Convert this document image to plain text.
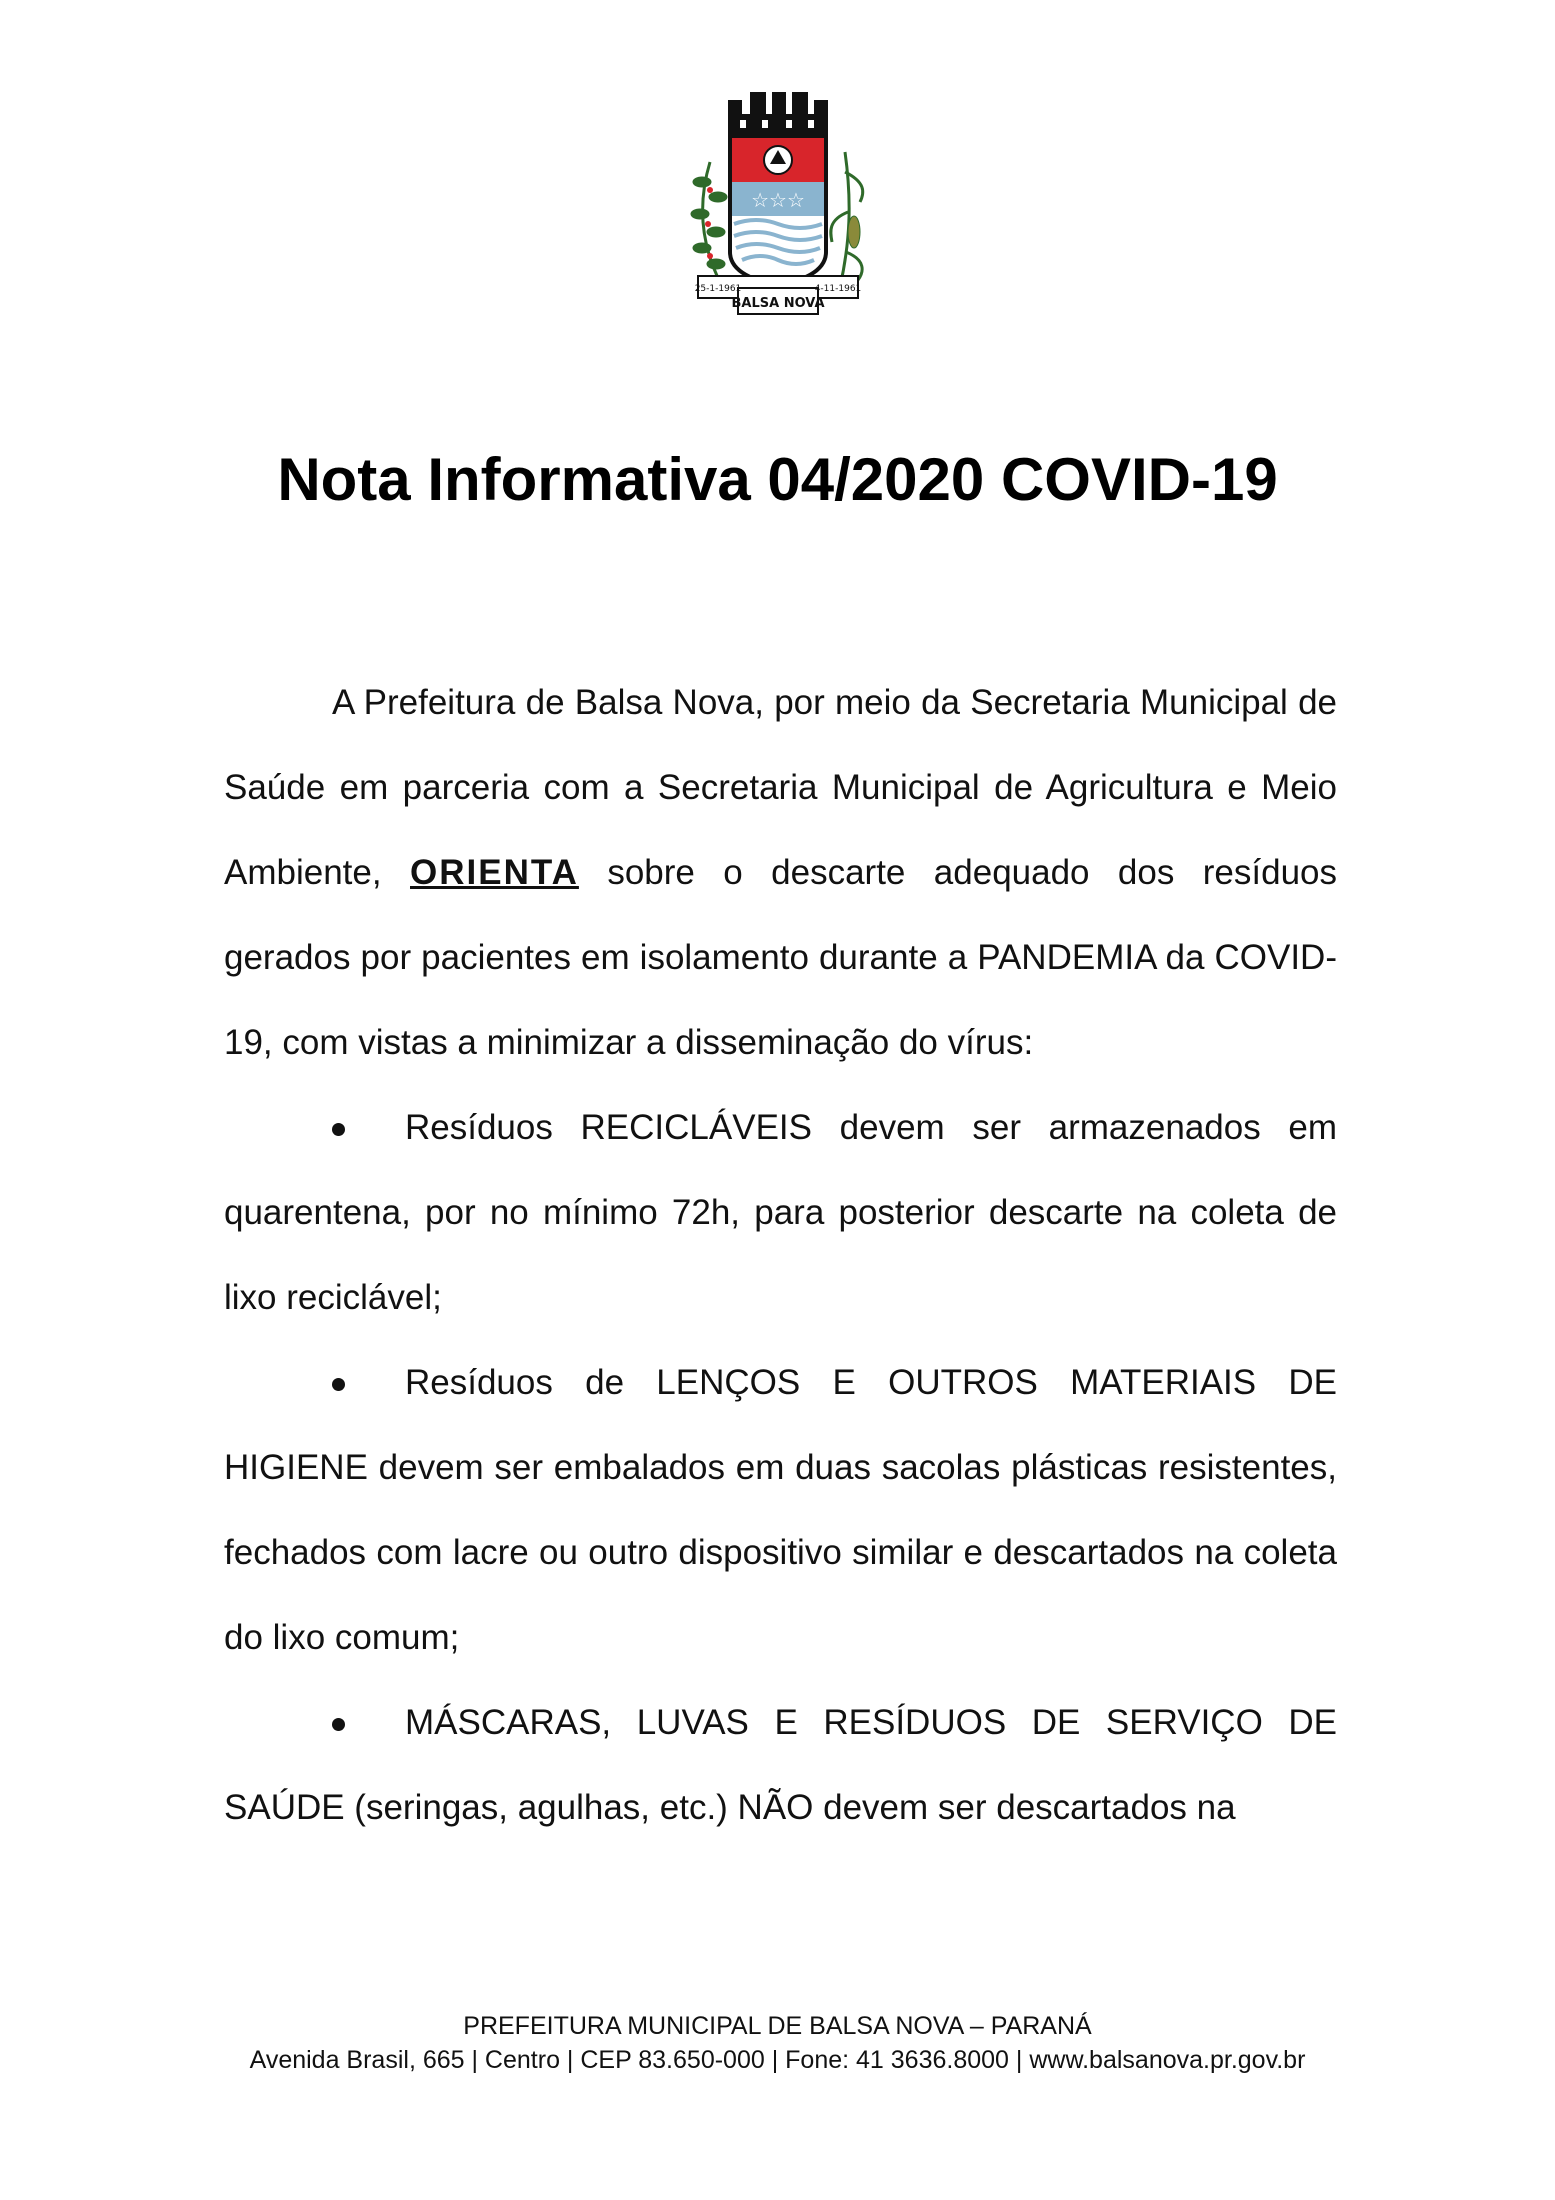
☆☆☆
25-1-1961	4-11-1961
BALSA NOVA
Nota Informativa 04/2020 COVID-19

A Prefeitura de Balsa Nova, por meio da Secretaria Municipal de Saúde em parceria com a Secretaria Municipal de Agricultura e Meio Ambiente, ORIENTA sobre o descarte adequado dos resíduos gerados por pacientes em isolamento durante a PANDEMIA da COVID-19, com vistas a minimizar a disseminação do vírus:

Resíduos RECICLÁVEIS devem ser armazenados em quarentena, por no mínimo 72h, para posterior descarte na coleta de lixo reciclável;

Resíduos de LENÇOS E OUTROS MATERIAIS DE HIGIENE devem ser embalados em duas sacolas plásticas resistentes, fechados com lacre ou outro dispositivo similar e descartados na coleta do lixo comum;

MÁSCARAS, LUVAS E RESÍDUOS DE SERVIÇO DE SAÚDE (seringas, agulhas, etc.) NÃO devem ser descartados na

PREFEITURA MUNICIPAL DE BALSA NOVA – PARANÁ
Avenida Brasil, 665 | Centro | CEP 83.650-000 | Fone: 41 3636.8000 | www.balsanova.pr.gov.br
